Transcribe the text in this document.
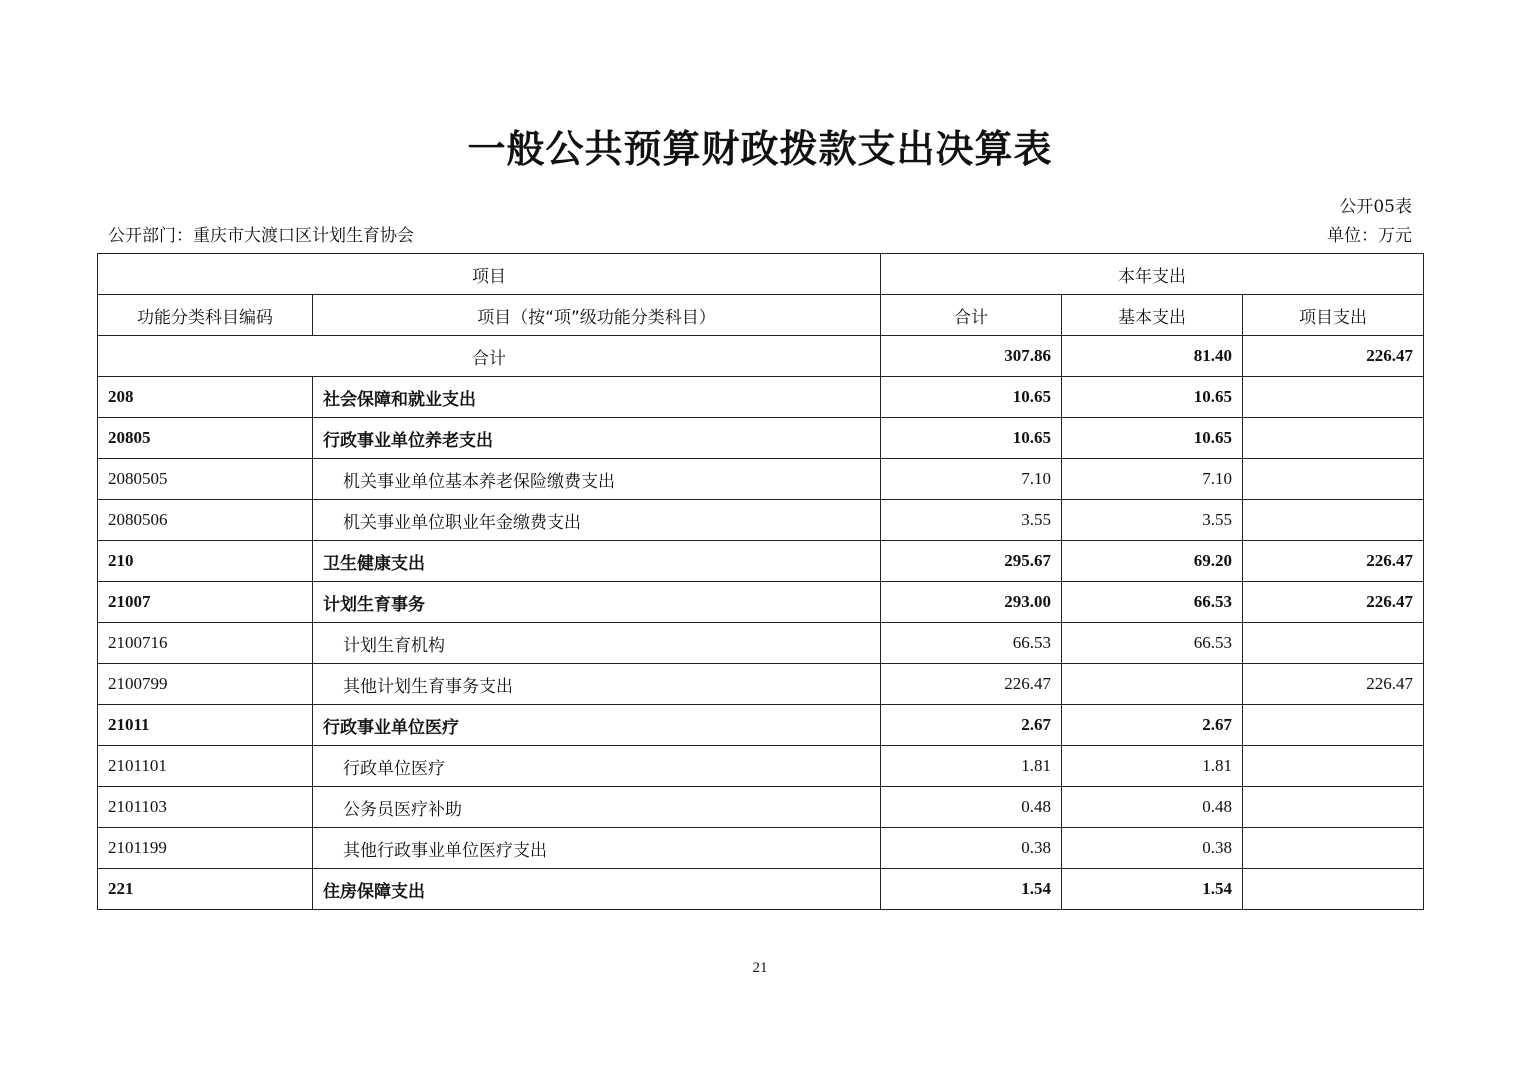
一般公共预算财政拨款支出决算表
公开05表
公开部门：重庆市大渡口区计划生育协会	单位：万元
项目		本年支出		
功能分类科目编码	项目（按“项”级功能分类科目）	合计	基本支出	项目支出
合计		307.86	81.40	226.47
208	社会保障和就业支出	10.65	10.65	
20805	行政事业单位养老支出	10.65	10.65	
2080505	机关事业单位基本养老保险缴费支出	7.10	7.10	
2080506	机关事业单位职业年金缴费支出	3.55	3.55	
210	卫生健康支出	295.67	69.20	226.47
21007	计划生育事务	293.00	66.53	226.47
2100716	计划生育机构	66.53	66.53	
2100799	其他计划生育事务支出	226.47		226.47
21011	行政事业单位医疗	2.67	2.67	
2101101	行政单位医疗	1.81	1.81	
2101103	公务员医疗补助	0.48	0.48	
2101199	其他行政事业单位医疗支出	0.38	0.38	
221	住房保障支出	1.54	1.54	
21
